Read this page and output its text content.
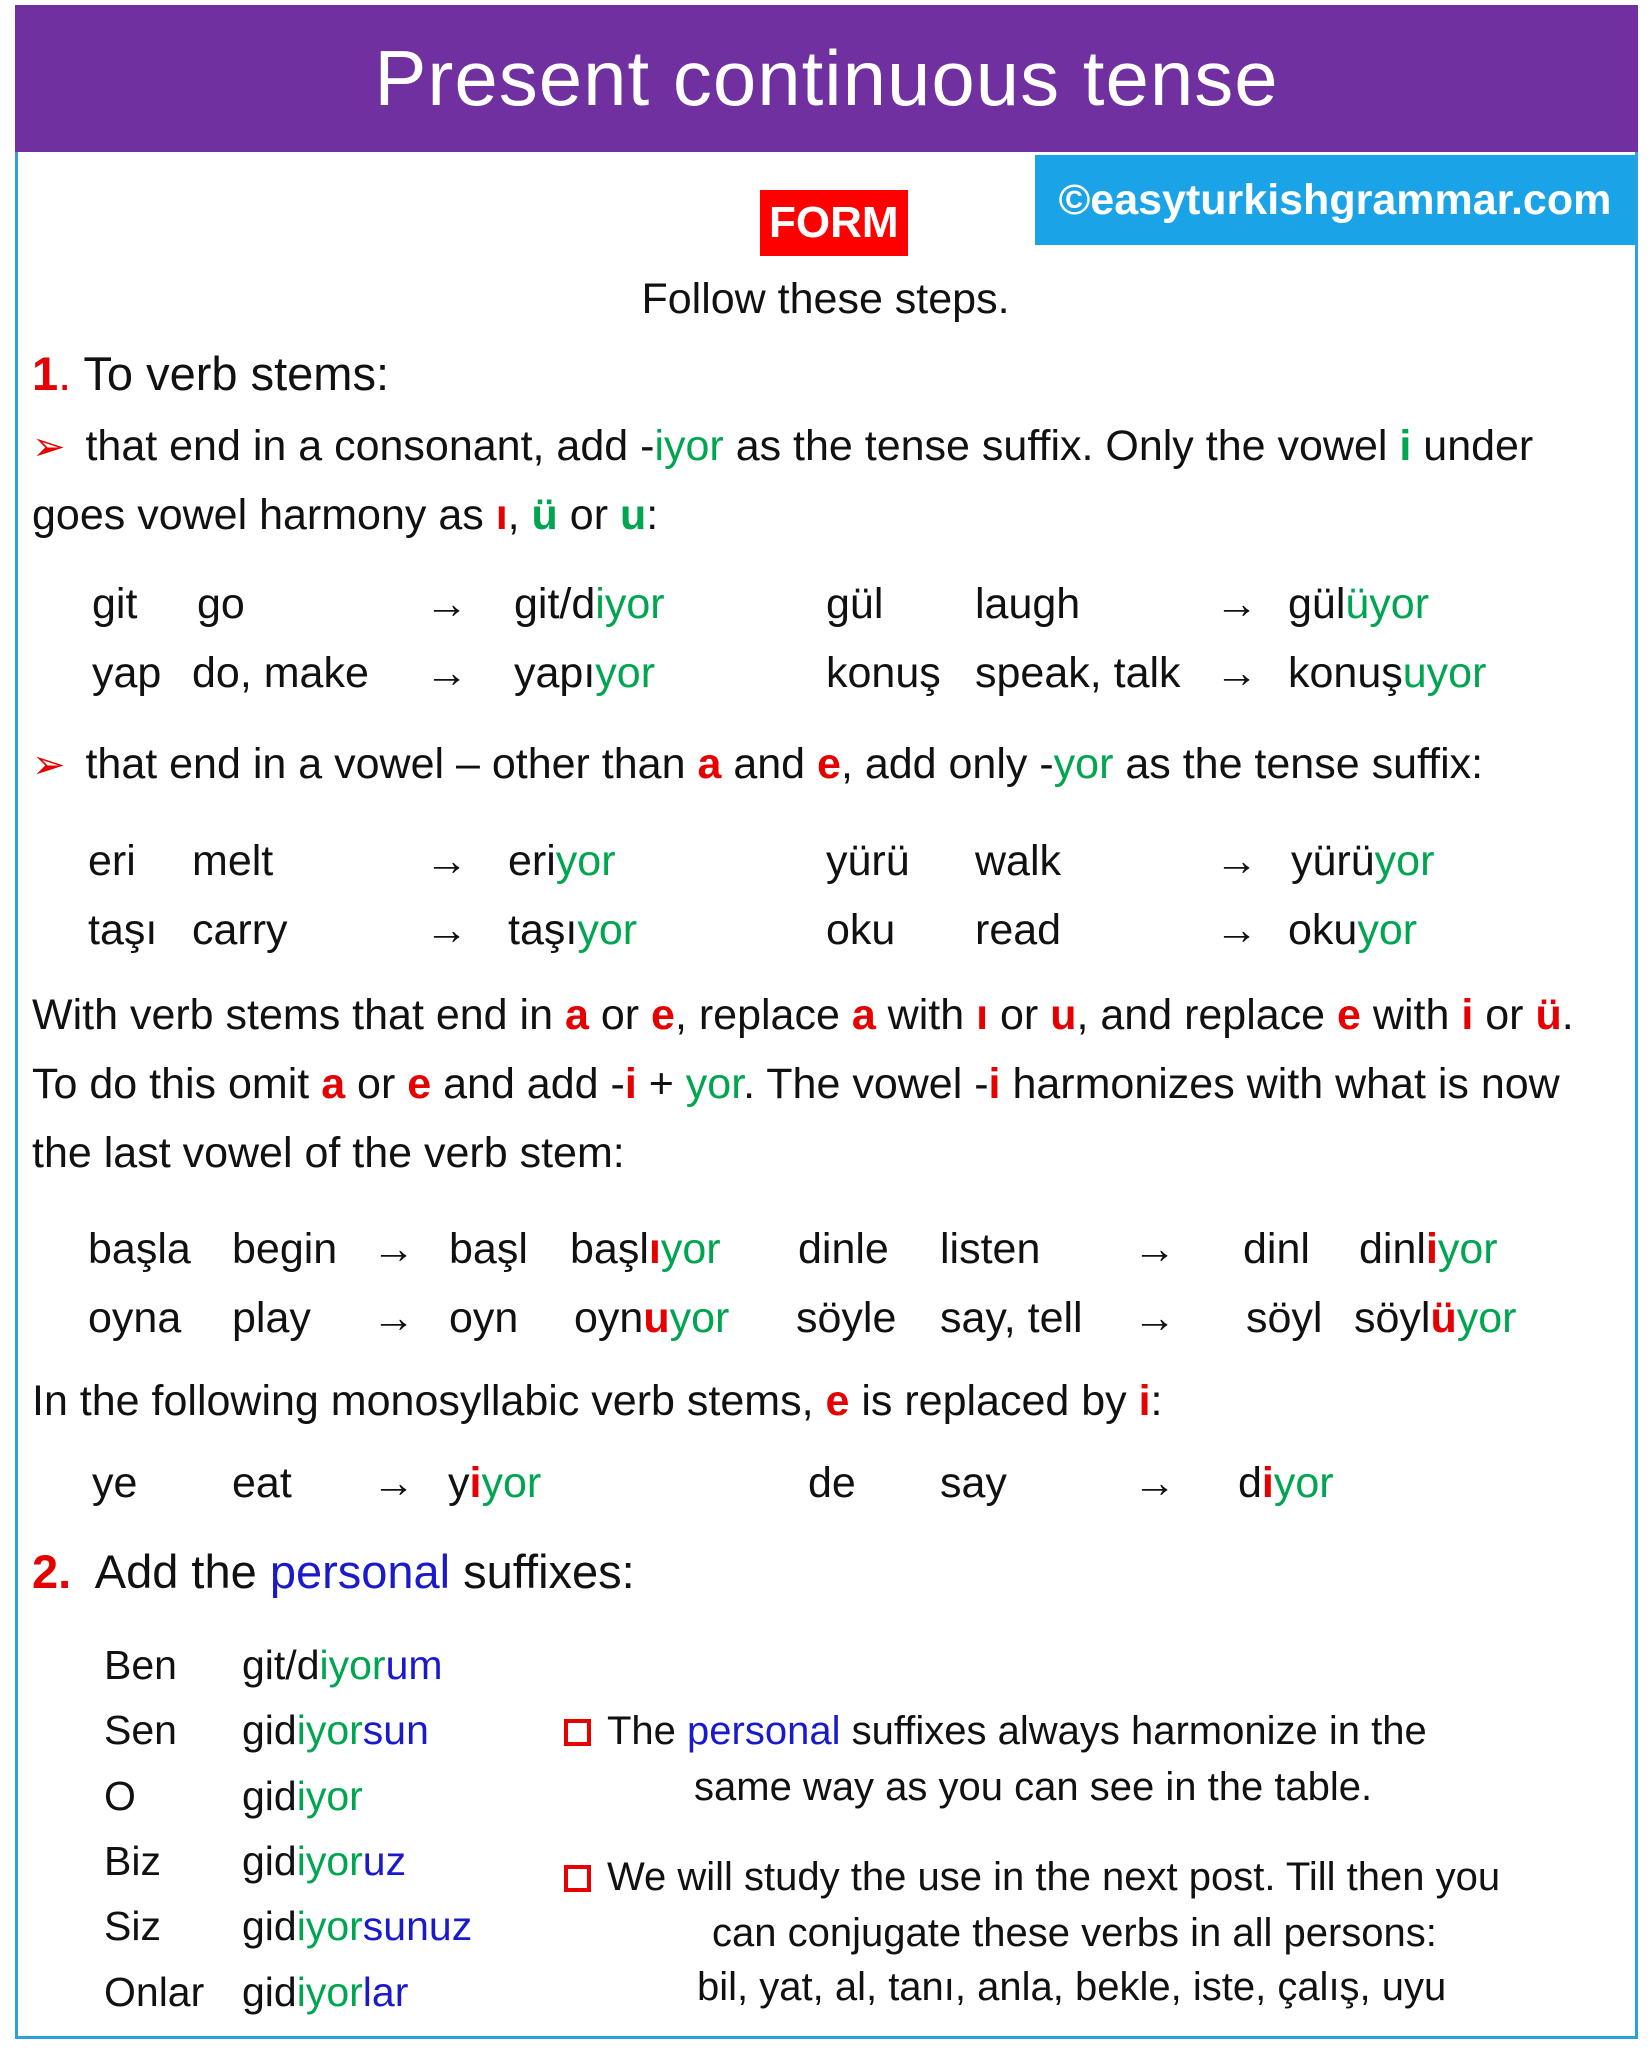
Present continuous tense
©easyturkishgrammar.com
FORM
Follow these steps.
1. To verb stems:
➢ that end in a consonant, add -iyor as the tense suffix. Only the vowel i under
goes vowel harmony as ı, ü or u:
git go	→ git/diyor	gül laugh	→ gülüyor
yap do, make → yapıyor	konuş speak, talk → konuşuyor
➢ that end in a vowel – other than a and e, add only -yor as the tense suffix:
eri melt	→ eriyor	yürü walk	→ yürüyor
taşı carry	→ taşıyor	oku read	→ okuyor
With verb stems that end in a or e, replace a with ı or u, and replace e with i or ü.
To do this omit a or e and add -i + yor. The vowel -i harmonizes with what is now
the last vowel of the verb stem:
başla begin → başl başlıyor dinle listen → dinl dinliyor
oyna play → oyn oynuyor söyle say, tell → söyl söylüyor
In the following monosyllabic verb stems, e is replaced by i:
ye eat → yiyor	de say	→ diyor
2.  Add the personal suffixes:
Ben git/diyorum
Sen gidiyorsun
O	gidiyor
Biz gidiyoruz
Siz gidiyorsunuz
Onlar gidiyorlar
The personal suffixes always harmonize in the
same way as you can see in the table.
We will study the use in the next post. Till then you
can conjugate these verbs in all persons:
bil, yat, al, tanı, anla, bekle, iste, çalış, uyu
